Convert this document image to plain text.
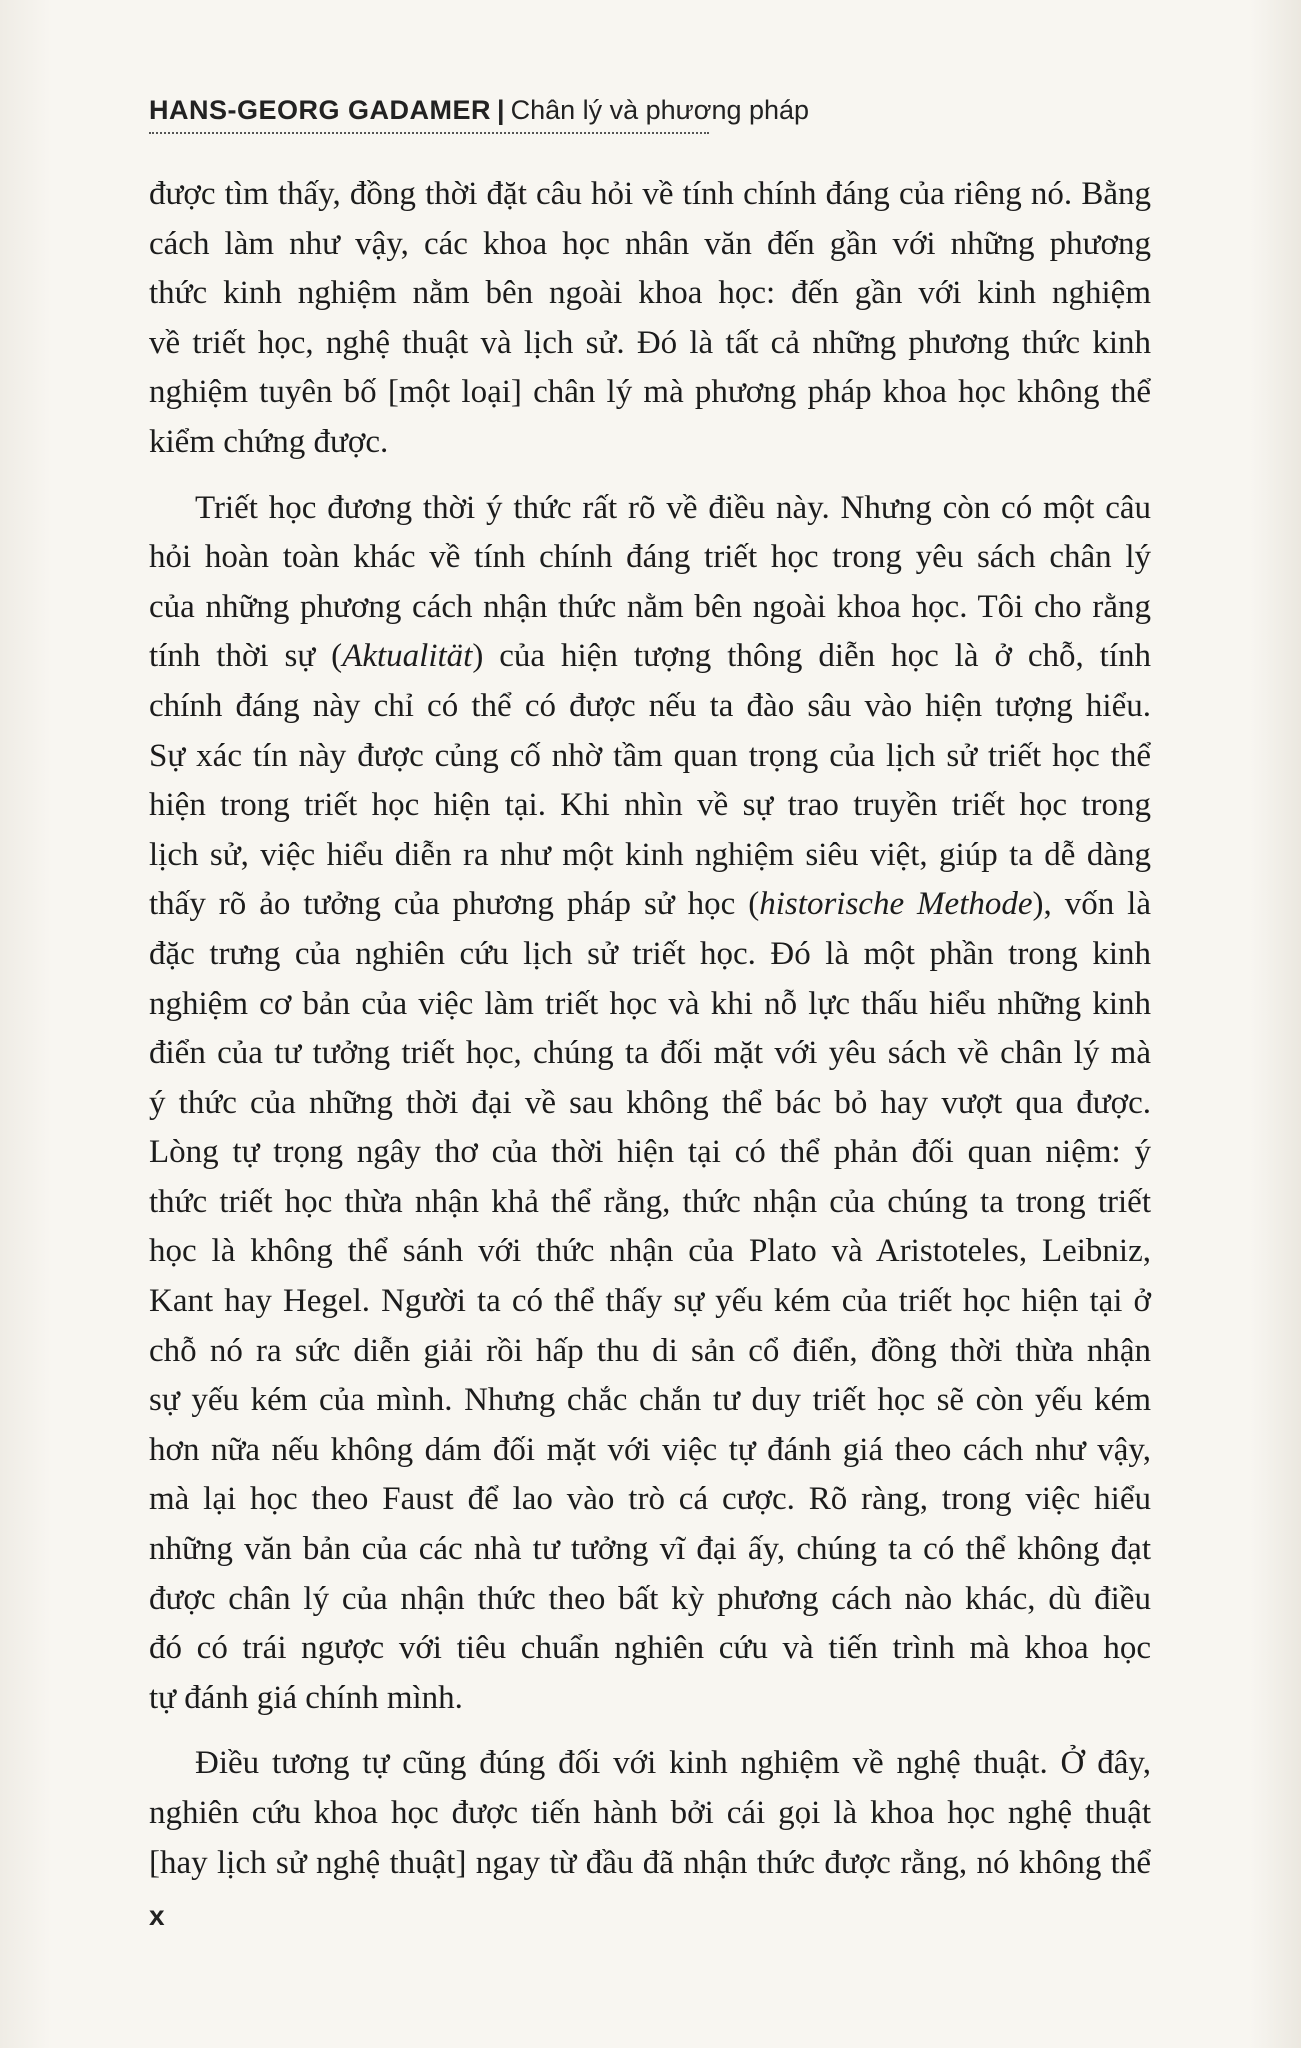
HANS-GEORG GADAMER | Chân lý và phương pháp
được tìm thấy, đồng thời đặt câu hỏi về tính chính đáng của riêng nó. Bằng
cách làm như vậy, các khoa học nhân văn đến gần với những phương
thức kinh nghiệm nằm bên ngoài khoa học: đến gần với kinh nghiệm
về triết học, nghệ thuật và lịch sử. Đó là tất cả những phương thức kinh
nghiệm tuyên bố [một loại] chân lý mà phương pháp khoa học không thể
kiểm chứng được.
Triết học đương thời ý thức rất rõ về điều này. Nhưng còn có một câu
hỏi hoàn toàn khác về tính chính đáng triết học trong yêu sách chân lý
của những phương cách nhận thức nằm bên ngoài khoa học. Tôi cho rằng
tính thời sự (Aktualität) của hiện tượng thông diễn học là ở chỗ, tính
chính đáng này chỉ có thể có được nếu ta đào sâu vào hiện tượng hiểu.
Sự xác tín này được củng cố nhờ tầm quan trọng của lịch sử triết học thể
hiện trong triết học hiện tại. Khi nhìn về sự trao truyền triết học trong
lịch sử, việc hiểu diễn ra như một kinh nghiệm siêu việt, giúp ta dễ dàng
thấy rõ ảo tưởng của phương pháp sử học (historische Methode), vốn là
đặc trưng của nghiên cứu lịch sử triết học. Đó là một phần trong kinh
nghiệm cơ bản của việc làm triết học và khi nỗ lực thấu hiểu những kinh
điển của tư tưởng triết học, chúng ta đối mặt với yêu sách về chân lý mà
ý thức của những thời đại về sau không thể bác bỏ hay vượt qua được.
Lòng tự trọng ngây thơ của thời hiện tại có thể phản đối quan niệm: ý
thức triết học thừa nhận khả thể rằng, thức nhận của chúng ta trong triết
học là không thể sánh với thức nhận của Plato và Aristoteles, Leibniz,
Kant hay Hegel. Người ta có thể thấy sự yếu kém của triết học hiện tại ở
chỗ nó ra sức diễn giải rồi hấp thu di sản cổ điển, đồng thời thừa nhận
sự yếu kém của mình. Nhưng chắc chắn tư duy triết học sẽ còn yếu kém
hơn nữa nếu không dám đối mặt với việc tự đánh giá theo cách như vậy,
mà lại học theo Faust để lao vào trò cá cược. Rõ ràng, trong việc hiểu
những văn bản của các nhà tư tưởng vĩ đại ấy, chúng ta có thể không đạt
được chân lý của nhận thức theo bất kỳ phương cách nào khác, dù điều
đó có trái ngược với tiêu chuẩn nghiên cứu và tiến trình mà khoa học
tự đánh giá chính mình.
Điều tương tự cũng đúng đối với kinh nghiệm về nghệ thuật. Ở đây,
nghiên cứu khoa học được tiến hành bởi cái gọi là khoa học nghệ thuật
[hay lịch sử nghệ thuật] ngay từ đầu đã nhận thức được rằng, nó không thể
x
